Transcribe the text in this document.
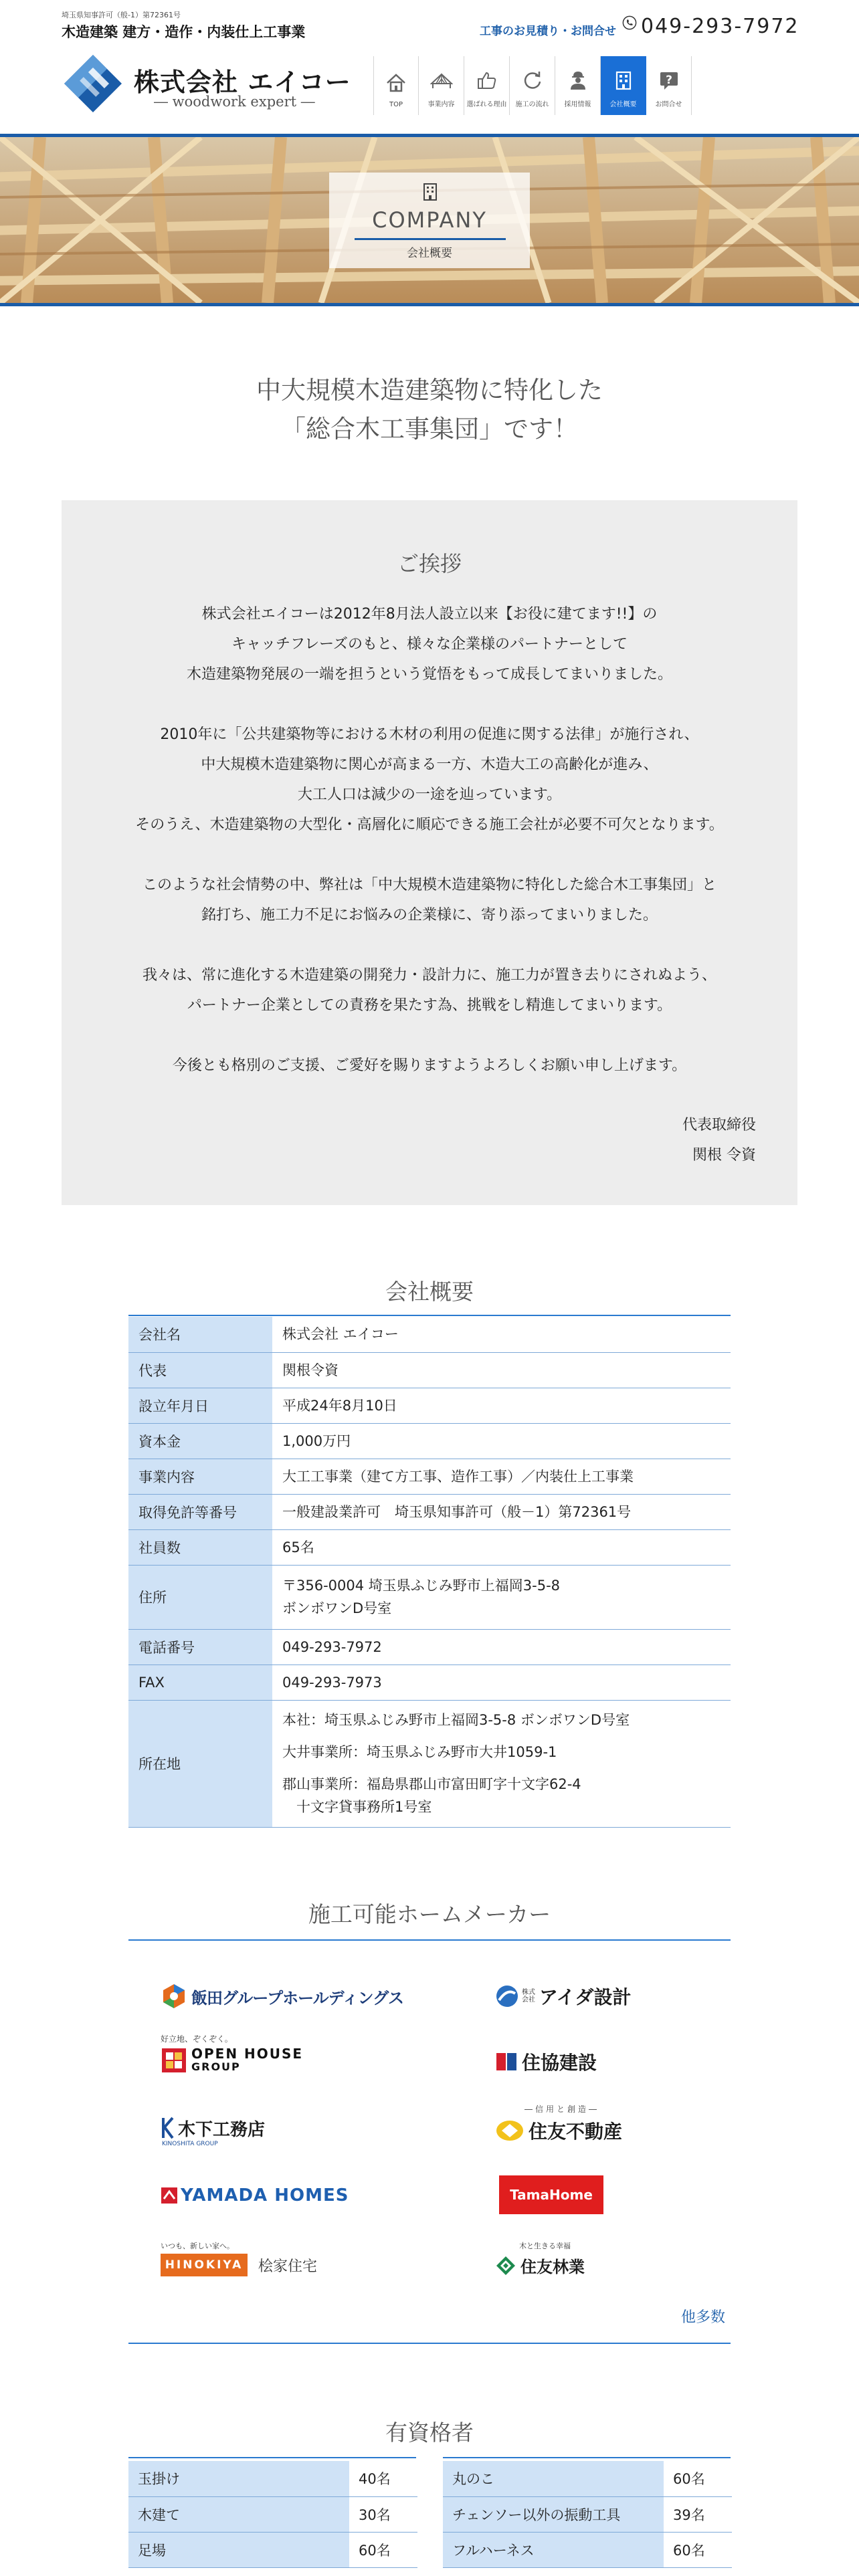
埼玉県知事許可（般-1）第72361号
木造建築 建方・造作・内装仕上工事業
株式会社 エイコー
― woodwork expert ―
工事のお見積り・お問合せ 049-293-7972
TOP	事業内容 選ばれる理由 施工の流れ 採用情報	会社概要
?
お問合せ
COMPANY
会社概要
中大規模木造建築物に特化した
「総合木工事集団」です！
ご挨拶

株式会社エイコーは2012年8月法人設立以来【お役に建てます!!】の
キャッチフレーズのもと、様々な企業様のパートナーとして
木造建築物発展の一端を担うという覚悟をもって成長してまいりました。

2010年に「公共建築物等における木材の利用の促進に関する法律」が施行され、
中大規模木造建築物に関心が高まる一方、木造大工の高齢化が進み、
大工人口は減少の一途を辿っています。
そのうえ、木造建築物の大型化・高層化に順応できる施工会社が必要不可欠となります。

このような社会情勢の中、弊社は「中大規模木造建築物に特化した総合木工事集団」と
銘打ち、施工力不足にお悩みの企業様に、寄り添ってまいりました。

我々は、常に進化する木造建築の開発力・設計力に、施工力が置き去りにされぬよう、
パートナー企業としての責務を果たす為、挑戦をし精進してまいります。

今後とも格別のご支援、ご愛好を賜りますようよろしくお願い申し上げます。

代表取締役
関根 令資
会社概要
会社名	株式会社 エイコー
代表	関根令資
設立年月日	平成24年8月10日
資本金	1,000万円
事業内容	大工工事業（建て方工事、造作工事）／内装仕上工事業
取得免許等番号	一般建設業許可　埼玉県知事許可（般－1）第72361号
社員数	65名
住所	〒356-0004 埼玉県ふじみ野市上福岡3-5-8
ボンボワンD号室

電話番号	049-293-7972
FAX	049-293-7973
所在地	本社：埼玉県ふじみ野市上福岡3-5-8 ボンボワンD号室
大井事業所：埼玉県ふじみ野市大井1059-1
郡山事業所：福島県郡山市富田町字十文字62-4
　十文字貸事務所1号室
施工可能ホームメーカー
飯田グループホールディングス	株式会社 アイダ設計
好立地、ぞくぞく。
OPEN HOUSE
GROUP	住協建設
木下工務店
KINOSHITA GROUP
―信用と創造―
住友不動産
YAMADA HOMES	TamaHome
いつも、新しい家へ。
HINOKIYA 桧家住宅
木と生きる幸福
住友林業
他多数
有資格者
玉掛け	40名
木建て	30名
足場	60名
丸のこ	60名
チェンソー以外の振動工具	39名
フルハーネス	60名
